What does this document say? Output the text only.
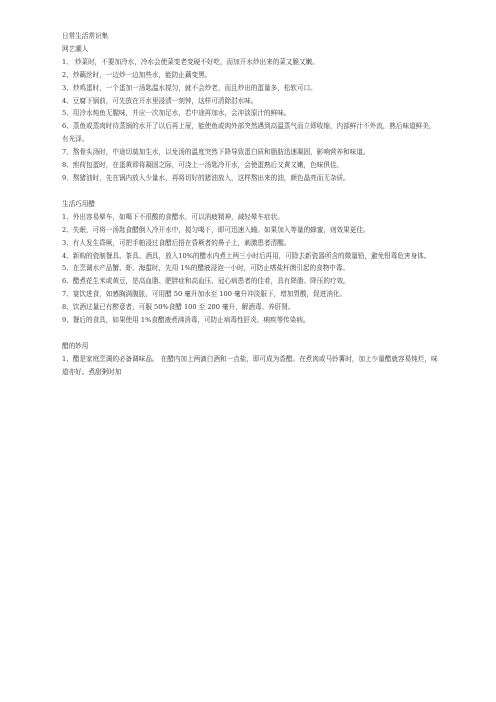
日常生活常识集
网艺潮人
1、 炒菜时，不要加冷水，冷水会使菜变老变硬不好吃，而加开水炒出来的菜又脆又嫩。
2、炒藕丝时，一边炒一边加些水，能防止藕变黑。
3、炒鸡蛋时，一个蛋加一汤匙温水搅匀，就不会炒老，而且炒出的蛋量多，松软可口。
4、豆腐下锅前，可先放在开水里浸渍一刻钟，这样可清除泔水味。
5、用冷水炖鱼无腥味，并应一次加足水，若中途再加水，会冲淡原汁的鲜味。
6、蒸鱼或蒸肉时待蒸锅的水开了以后再上屉，能使鱼或肉外部突然遇到高温蒸气而立即收缩，内部鲜汁不外流，熟后味道鲜美，有光泽。
7、熬骨头汤时，中途切莫加生水，以免汤的温度突然下降导致蛋白质和脂肪迅速凝固，影响营养和味道。
8、煎荷包蛋时，在蛋黄即将凝固之际，可浇上一汤匙冷开水，会使蛋熟后又黄又嫩，色味俱佳。
9、熬猪油时，先在锅内放入少量水，再将切好的猪油放入，这样熬出来的油，颜色晶亮而无杂质。
生活巧用醋
1、外出容易晕车，如喝下不很酸的食醋水，可以消疲精神，减轻晕车症状。
2、失眠，可将一汤匙食醋倒入冷开水中，搅匀喝下，即可迅速入睡。如果加入等量的蜂蜜，则效果更佳。
3、有人发生昏厥，可把手帕浸过食醋后捂在昏厥者的鼻子上，刺激患者清醒。
4、新购的瓷制餐具、茶具、酒具，放入10%的醋水内煮上两三小时后再用，可除去新瓷器所含的微量铅，避免铅毒危害身体。
5、在烹调水产品蟹、虾、海蜇时，先用 1%的醋液浸泡一小时，可防止嗜盐杆菌引起的食物中毒。
6、醋煮花生米或黄豆，是高血脂、肥胖症和高血压、冠心病患者的佳肴，具有降脂、降压的疗效。
7、宴饮进食，如感胸满腹胀，可用醋 50 毫升加水至 100 毫升冲淡服下，增加胃酸，促进消化。
8、饮酒过量已有醉意者，可服 50%食醋 100 至 200 毫升，解酒毒、养肝肾。
9、餐后的食具，如果使用 1%食醋液煮沸消毒，可防止病毒性肝炎、痢疾等传染病。
醋的妙用
1、醋是家庭烹调的必备调味品。 在醋内加上两滴白酒和一点盐，即可成为香醋。在煮肉或马铃薯时，加上少量醋就容易炖烂，味道亦好。煮甜粥时加
